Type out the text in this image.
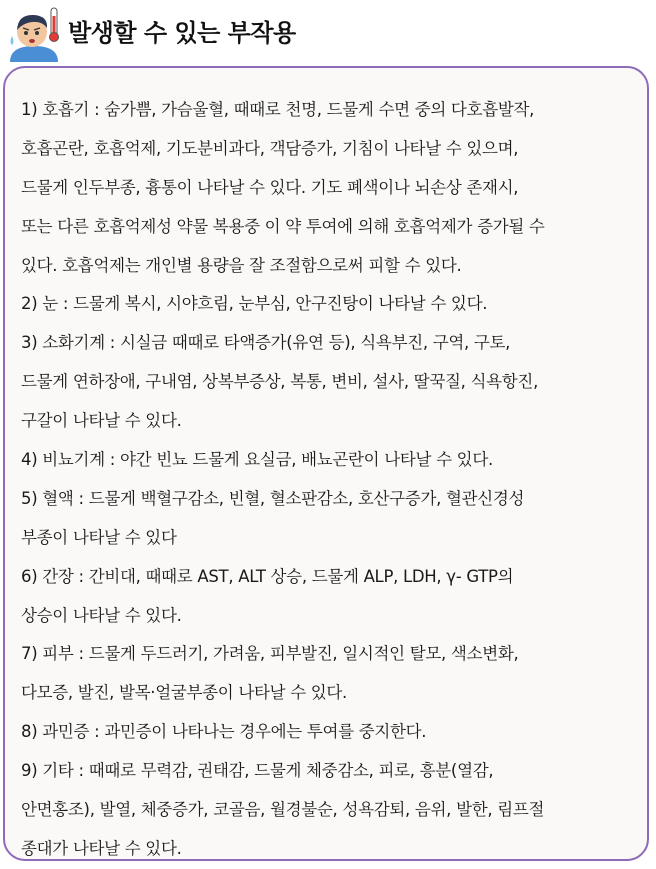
발생할 수 있는 부작용
1) 호흡기 : 숨가쁨, 가슴울혈, 때때로 천명, 드물게 수면 중의 다호흡발작,
호흡곤란, 호흡억제, 기도분비과다, 객담증가, 기침이 나타날 수 있으며,
드물게 인두부종, 흉통이 나타날 수 있다. 기도 폐색이나 뇌손상 존재시,
또는 다른 호흡억제성 약물 복용중 이 약 투여에 의해 호흡억제가 증가될 수
있다. 호흡억제는 개인별 용량을 잘 조절함으로써 피할 수 있다.
2) 눈 : 드물게 복시, 시야흐림, 눈부심, 안구진탕이 나타날 수 있다.
3) 소화기계 : 시실금 때때로 타액증가(유연 등), 식욕부진, 구역, 구토,
드물게 연하장애, 구내염, 상복부증상, 복통, 변비, 설사, 딸꾹질, 식욕항진,
구갈이 나타날 수 있다.
4) 비뇨기계 : 야간 빈뇨 드물게 요실금, 배뇨곤란이 나타날 수 있다.
5) 혈액 : 드물게 백혈구감소, 빈혈, 혈소판감소, 호산구증가, 혈관신경성
부종이 나타날 수 있다
6) 간장 : 간비대, 때때로 AST, ALT 상승, 드물게 ALP, LDH, γ- GTP의
상승이 나타날 수 있다.
7) 피부 : 드물게 두드러기, 가려움, 피부발진, 일시적인 탈모, 색소변화,
다모증, 발진, 발목·얼굴부종이 나타날 수 있다.
8) 과민증 : 과민증이 나타나는 경우에는 투여를 중지한다.
9) 기타 : 때때로 무력감, 권태감, 드물게 체중감소, 피로, 흥분(열감,
안면홍조), 발열, 체중증가, 코골음, 월경불순, 성욕감퇴, 음위, 발한, 림프절
종대가 나타날 수 있다.
